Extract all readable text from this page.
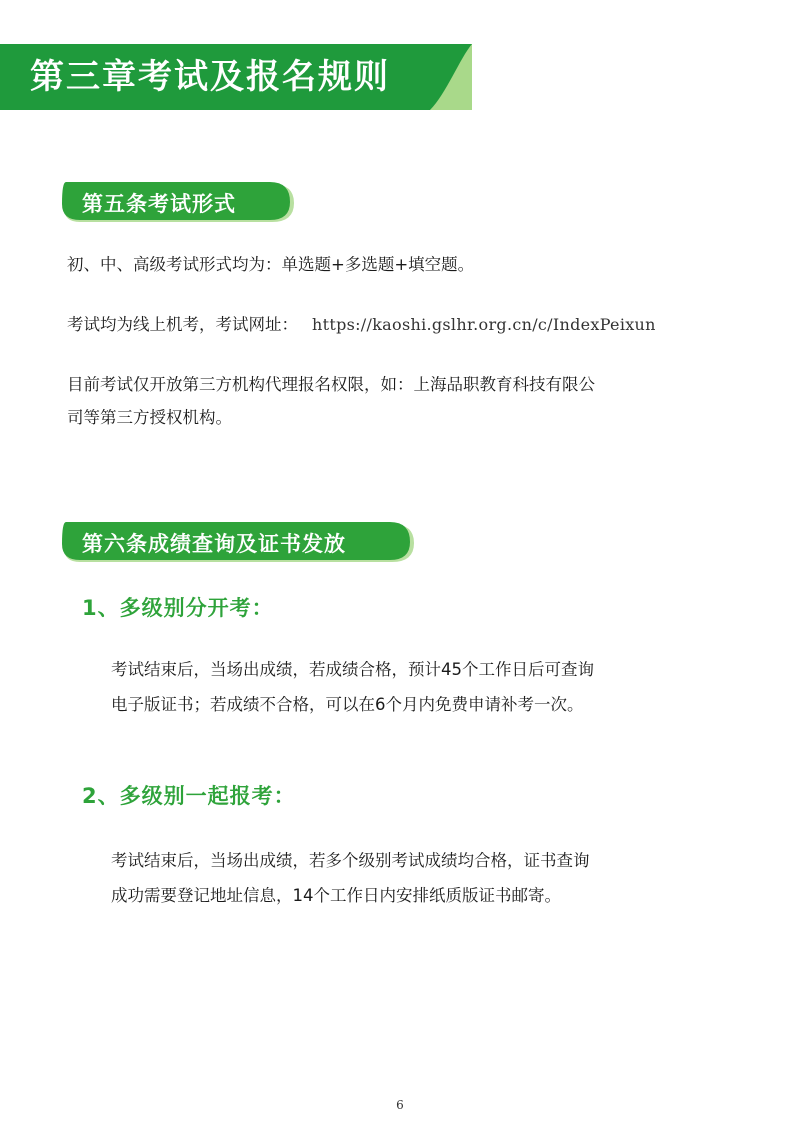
第三章考试及报名规则
第五条考试形式
初、中、高级考试形式均为：单选题+多选题+填空题。
考试均为线上机考，考试网址： https://kaoshi.gslhr.org.cn/c/IndexPeixun
目前考试仅开放第三方机构代理报名权限，如：上海品职教育科技有限公
司等第三方授权机构。
第六条成绩查询及证书发放
1、多级别分开考：
考试结束后，当场出成绩，若成绩合格，预计45个工作日后可查询
电子版证书；若成绩不合格，可以在6个月内免费申请补考一次。
2、多级别一起报考：
考试结束后，当场出成绩，若多个级别考试成绩均合格，证书查询
成功需要登记地址信息，14个工作日内安排纸质版证书邮寄。
6
